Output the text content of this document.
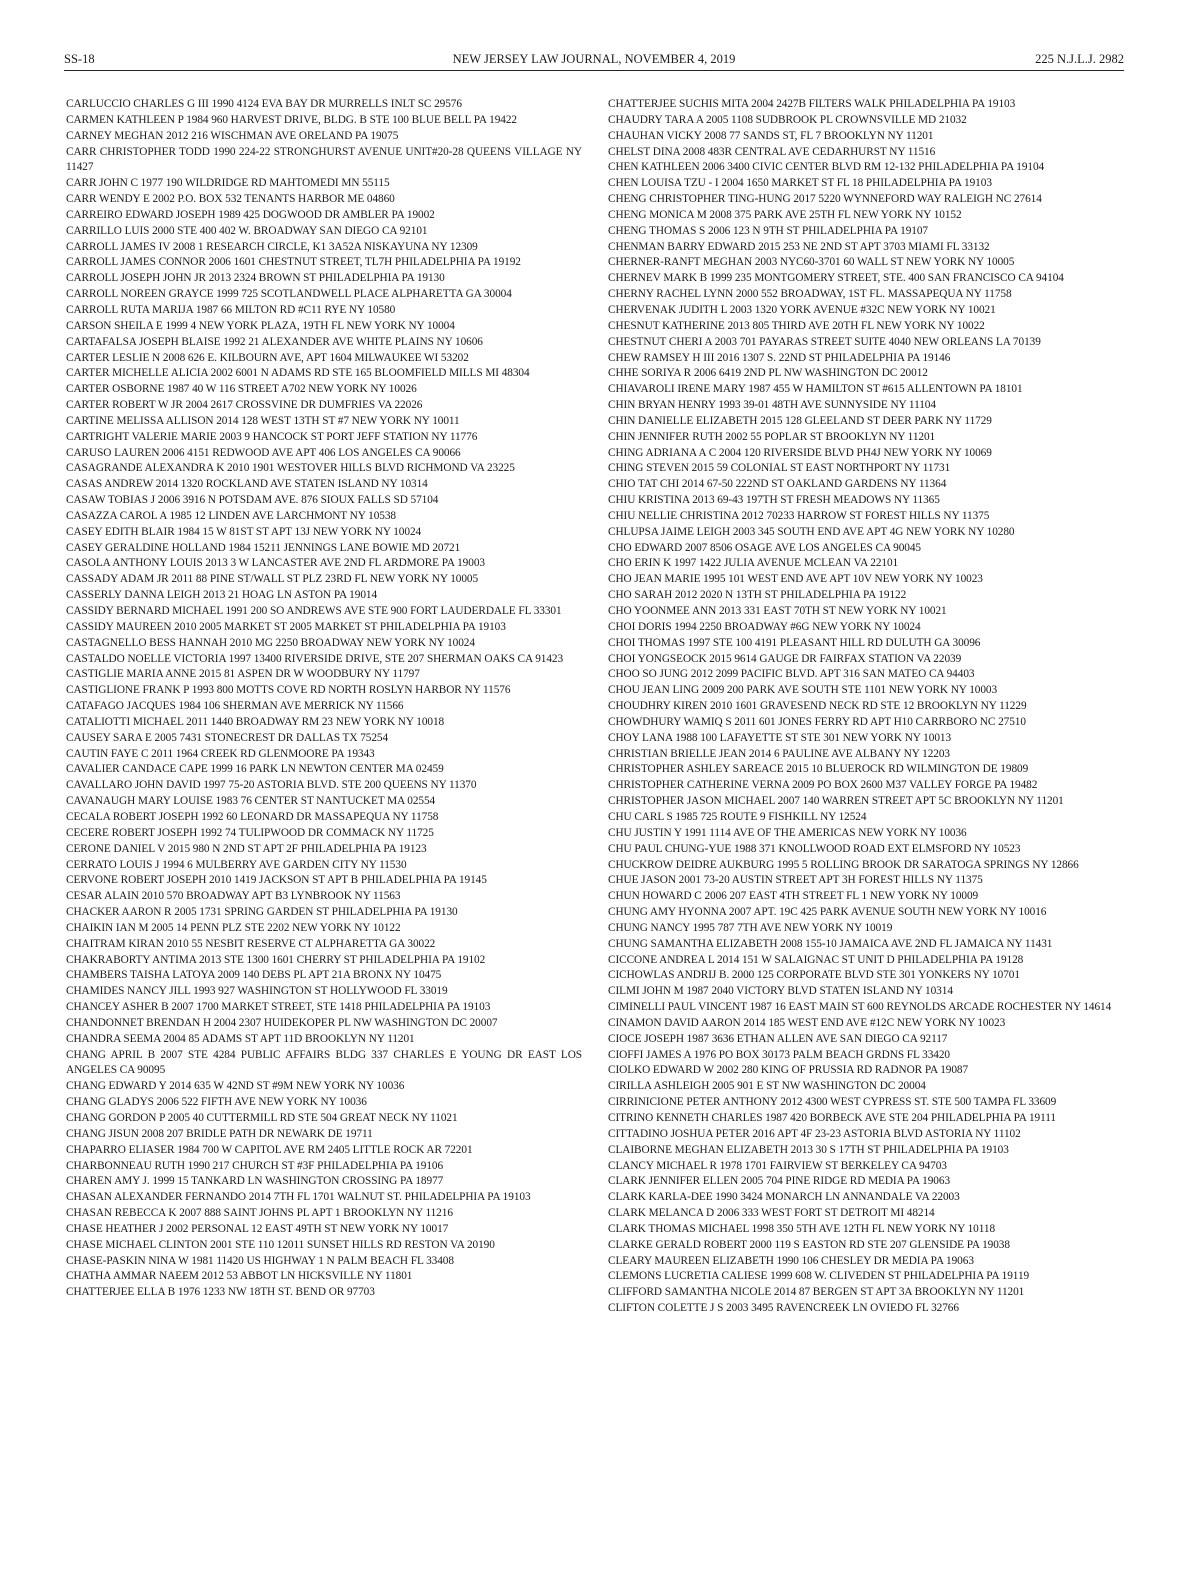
SS-18	NEW JERSEY LAW JOURNAL, NOVEMBER 4, 2019	225 N.J.L.J. 2982

CARLUCCIO CHARLES G III 1990 4124 EVA BAY DR MURRELLS INLT SC 29576

CARMEN KATHLEEN P 1984 960 HARVEST DRIVE, BLDG. B STE 100 BLUE BELL PA 19422

CARNEY MEGHAN 2012 216 WISCHMAN AVE ORELAND PA 19075

CARR CHRISTOPHER TODD 1990 224-22 STRONGHURST AVENUE UNIT#20-28 QUEENS VILLAGE NY 11427

CARR JOHN C 1977 190 WILDRIDGE RD MAHTOMEDI MN 55115

CARR WENDY E 2002 P.O. BOX 532 TENANTS HARBOR ME 04860

CARREIRO EDWARD JOSEPH 1989 425 DOGWOOD DR AMBLER PA 19002

CARRILLO LUIS 2000 STE 400 402 W. BROADWAY SAN DIEGO CA 92101

CARROLL JAMES IV 2008 1 RESEARCH CIRCLE, K1 3A52A NISKAYUNA NY 12309

CARROLL JAMES CONNOR 2006 1601 CHESTNUT STREET, TL7H PHILADELPHIA PA 19192

CARROLL JOSEPH JOHN JR 2013 2324 BROWN ST PHILADELPHIA PA 19130

CARROLL NOREEN GRAYCE 1999 725 SCOTLANDWELL PLACE ALPHARETTA GA 30004

CARROLL RUTA MARIJA 1987 66 MILTON RD #C11 RYE NY 10580

CARSON SHEILA E 1999 4 NEW YORK PLAZA, 19TH FL NEW YORK NY 10004

CARTAFALSA JOSEPH BLAISE 1992 21 ALEXANDER AVE WHITE PLAINS NY 10606

CARTER LESLIE N 2008 626 E. KILBOURN AVE, APT 1604 MILWAUKEE WI 53202

CARTER MICHELLE ALICIA 2002 6001 N ADAMS RD STE 165 BLOOMFIELD MILLS MI 48304

CARTER OSBORNE 1987 40 W 116 STREET A702 NEW YORK NY 10026

CARTER ROBERT W JR 2004 2617 CROSSVINE DR DUMFRIES VA 22026

CARTINE MELISSA ALLISON 2014 128 WEST 13TH ST #7 NEW YORK NY 10011

CARTRIGHT VALERIE MARIE 2003 9 HANCOCK ST PORT JEFF STATION NY 11776

CARUSO LAUREN 2006 4151 REDWOOD AVE APT 406 LOS ANGELES CA 90066

CASAGRANDE ALEXANDRA K 2010 1901 WESTOVER HILLS BLVD RICHMOND VA 23225

CASAS ANDREW 2014 1320 ROCKLAND AVE STATEN ISLAND NY 10314

CASAW TOBIAS J 2006 3916 N POTSDAM AVE. 876 SIOUX FALLS SD 57104

CASAZZA CAROL A 1985 12 LINDEN AVE LARCHMONT NY 10538

CASEY EDITH BLAIR 1984 15 W 81ST ST APT 13J NEW YORK NY 10024

CASEY GERALDINE HOLLAND 1984 15211 JENNINGS LANE BOWIE MD 20721

CASOLA ANTHONY LOUIS 2013 3 W LANCASTER AVE 2ND FL ARDMORE PA 19003

CASSADY ADAM JR 2011 88 PINE ST/WALL ST PLZ 23RD FL NEW YORK NY 10005

CASSERLY DANNA LEIGH 2013 21 HOAG LN ASTON PA 19014

CASSIDY BERNARD MICHAEL 1991 200 SO ANDREWS AVE STE 900 FORT LAUDERDALE FL 33301

CASSIDY MAUREEN 2010 2005 MARKET ST 2005 MARKET ST PHILADELPHIA PA 19103

CASTAGNELLO BESS HANNAH 2010 MG 2250 BROADWAY NEW YORK NY 10024

CASTALDO NOELLE VICTORIA 1997 13400 RIVERSIDE DRIVE, STE 207 SHERMAN OAKS CA 91423

CASTIGLIE MARIA ANNE 2015 81 ASPEN DR W WOODBURY NY 11797

CASTIGLIONE FRANK P 1993 800 MOTTS COVE RD NORTH ROSLYN HARBOR NY 11576

CATAFAGO JACQUES 1984 106 SHERMAN AVE MERRICK NY 11566

CATALIOTTI MICHAEL 2011 1440 BROADWAY RM 23 NEW YORK NY 10018

CAUSEY SARA E 2005 7431 STONECREST DR DALLAS TX 75254

CAUTIN FAYE C 2011 1964 CREEK RD GLENMOORE PA 19343

CAVALIER CANDACE CAPE 1999 16 PARK LN NEWTON CENTER MA 02459

CAVALLARO JOHN DAVID 1997 75-20 ASTORIA BLVD. STE 200 QUEENS NY 11370

CAVANAUGH MARY LOUISE 1983 76 CENTER ST NANTUCKET MA 02554

CECALA ROBERT JOSEPH 1992 60 LEONARD DR MASSAPEQUA NY 11758

CECERE ROBERT JOSEPH 1992 74 TULIPWOOD DR COMMACK NY 11725

CERONE DANIEL V 2015 980 N 2ND ST APT 2F PHILADELPHIA PA 19123

CERRATO LOUIS J 1994 6 MULBERRY AVE GARDEN CITY NY 11530

CERVONE ROBERT JOSEPH 2010 1419 JACKSON ST APT B PHILADELPHIA PA 19145

CESAR ALAIN 2010 570 BROADWAY APT B3 LYNBROOK NY 11563

CHACKER AARON R 2005 1731 SPRING GARDEN ST PHILADELPHIA PA 19130

CHAIKIN IAN M 2005 14 PENN PLZ STE 2202 NEW YORK NY 10122

CHAITRAM KIRAN 2010 55 NESBIT RESERVE CT ALPHARETTA GA 30022

CHAKRABORTY ANTIMA 2013 STE 1300 1601 CHERRY ST PHILADELPHIA PA 19102

CHAMBERS TAISHA LATOYA 2009 140 DEBS PL APT 21A BRONX NY 10475

CHAMIDES NANCY JILL 1993 927 WASHINGTON ST HOLLYWOOD FL 33019

CHANCEY ASHER B 2007 1700 MARKET STREET, STE 1418 PHILADELPHIA PA 19103

CHANDONNET BRENDAN H 2004 2307 HUIDEKOPER PL NW WASHINGTON DC 20007

CHANDRA SEEMA 2004 85 ADAMS ST APT 11D BROOKLYN NY 11201

CHANG APRIL B 2007 STE 4284 PUBLIC AFFAIRS BLDG 337 CHARLES E YOUNG DR EAST LOS ANGELES CA 90095

CHANG EDWARD Y 2014 635 W 42ND ST #9M NEW YORK NY 10036

CHANG GLADYS 2006 522 FIFTH AVE NEW YORK NY 10036

CHANG GORDON P 2005 40 CUTTERMILL RD STE 504 GREAT NECK NY 11021

CHANG JISUN 2008 207 BRIDLE PATH DR NEWARK DE 19711

CHAPARRO ELIASER 1984 700 W CAPITOL AVE RM 2405 LITTLE ROCK AR 72201

CHARBONNEAU RUTH 1990 217 CHURCH ST #3F PHILADELPHIA PA 19106

CHAREN AMY J. 1999 15 TANKARD LN WASHINGTON CROSSING PA 18977

CHASAN ALEXANDER FERNANDO 2014 7TH FL 1701 WALNUT ST. PHILADELPHIA PA 19103

CHASAN REBECCA K 2007 888 SAINT JOHNS PL APT 1 BROOKLYN NY 11216

CHASE HEATHER J 2002 PERSONAL 12 EAST 49TH ST NEW YORK NY 10017

CHASE MICHAEL CLINTON 2001 STE 110 12011 SUNSET HILLS RD RESTON VA 20190

CHASE-PASKIN NINA W 1981 11420 US HIGHWAY 1 N PALM BEACH FL 33408

CHATHA AMMAR NAEEM 2012 53 ABBOT LN HICKSVILLE NY 11801

CHATTERJEE ELLA B 1976 1233 NW 18TH ST. BEND OR 97703

CHATTERJEE SUCHIS MITA 2004 2427B FILTERS WALK PHILADELPHIA PA 19103

CHAUDRY TARA A 2005 1108 SUDBROOK PL CROWNSVILLE MD 21032

CHAUHAN VICKY 2008 77 SANDS ST, FL 7 BROOKLYN NY 11201

CHELST DINA 2008 483R CENTRAL AVE CEDARHURST NY 11516

CHEN KATHLEEN 2006 3400 CIVIC CENTER BLVD RM 12-132 PHILADELPHIA PA 19104

CHEN LOUISA TZU - I 2004 1650 MARKET ST FL 18 PHILADELPHIA PA 19103

CHENG CHRISTOPHER TING-HUNG 2017 5220 WYNNEFORD WAY RALEIGH NC 27614

CHENG MONICA M 2008 375 PARK AVE 25TH FL NEW YORK NY 10152

CHENG THOMAS S 2006 123 N 9TH ST PHILADELPHIA PA 19107

CHENMAN BARRY EDWARD 2015 253 NE 2ND ST APT 3703 MIAMI FL 33132

CHERNER-RANFT MEGHAN 2003 NYC60-3701 60 WALL ST NEW YORK NY 10005

CHERNEV MARK B 1999 235 MONTGOMERY STREET, STE. 400 SAN FRANCISCO CA 94104

CHERNY RACHEL LYNN 2000 552 BROADWAY, 1ST FL. MASSAPEQUA NY 11758

CHERVENAK JUDITH L 2003 1320 YORK AVENUE #32C NEW YORK NY 10021

CHESNUT KATHERINE 2013 805 THIRD AVE 20TH FL NEW YORK NY 10022

CHESTNUT CHERI A 2003 701 PAYARAS STREET SUITE 4040 NEW ORLEANS LA 70139

CHEW RAMSEY H III 2016 1307 S. 22ND ST PHILADELPHIA PA 19146

CHHE SORIYA R 2006 6419 2ND PL NW WASHINGTON DC 20012

CHIAVAROLI IRENE MARY 1987 455 W HAMILTON ST #615 ALLENTOWN PA 18101

CHIN BRYAN HENRY 1993 39-01 48TH AVE SUNNYSIDE NY 11104

CHIN DANIELLE ELIZABETH 2015 128 GLEELAND ST DEER PARK NY 11729

CHIN JENNIFER RUTH 2002 55 POPLAR ST BROOKLYN NY 11201

CHING ADRIANA A C 2004 120 RIVERSIDE BLVD PH4J NEW YORK NY 10069

CHING STEVEN 2015 59 COLONIAL ST EAST NORTHPORT NY 11731

CHIO TAT CHI 2014 67-50 222ND ST OAKLAND GARDENS NY 11364

CHIU KRISTINA 2013 69-43 197TH ST FRESH MEADOWS NY 11365

CHIU NELLIE CHRISTINA 2012 70233 HARROW ST FOREST HILLS NY 11375

CHLUPSA JAIME LEIGH 2003 345 SOUTH END AVE APT 4G NEW YORK NY 10280

CHO EDWARD 2007 8506 OSAGE AVE LOS ANGELES CA 90045

CHO ERIN K 1997 1422 JULIA AVENUE MCLEAN VA 22101

CHO JEAN MARIE 1995 101 WEST END AVE APT 10V NEW YORK NY 10023

CHO SARAH 2012 2020 N 13TH ST PHILADELPHIA PA 19122

CHO YOONMEE ANN 2013 331 EAST 70TH ST NEW YORK NY 10021

CHOI DORIS 1994 2250 BROADWAY #6G NEW YORK NY 10024

CHOI THOMAS 1997 STE 100 4191 PLEASANT HILL RD DULUTH GA 30096

CHOI YONGSEOCK 2015 9614 GAUGE DR FAIRFAX STATION VA 22039

CHOO SO JUNG 2012 2099 PACIFIC BLVD. APT 316 SAN MATEO CA 94403

CHOU JEAN LING 2009 200 PARK AVE SOUTH STE 1101 NEW YORK NY 10003

CHOUDHRY KIREN 2010 1601 GRAVESEND NECK RD STE 12 BROOKLYN NY 11229

CHOWDHURY WAMIQ S 2011 601 JONES FERRY RD APT H10 CARRBORO NC 27510

CHOY LANA 1988 100 LAFAYETTE ST STE 301 NEW YORK NY 10013

CHRISTIAN BRIELLE JEAN 2014 6 PAULINE AVE ALBANY NY 12203

CHRISTOPHER ASHLEY SAREACE 2015 10 BLUEROCK RD WILMINGTON DE 19809

CHRISTOPHER CATHERINE VERNA 2009 PO BOX 2600 M37 VALLEY FORGE PA 19482

CHRISTOPHER JASON MICHAEL 2007 140 WARREN STREET APT 5C BROOKLYN NY 11201

CHU CARL S 1985 725 ROUTE 9 FISHKILL NY 12524

CHU JUSTIN Y 1991 1114 AVE OF THE AMERICAS NEW YORK NY 10036

CHU PAUL CHUNG-YUE 1988 371 KNOLLWOOD ROAD EXT ELMSFORD NY 10523

CHUCKROW DEIDRE AUKBURG 1995 5 ROLLING BROOK DR SARATOGA SPRINGS NY 12866

CHUE JASON 2001 73-20 AUSTIN STREET APT 3H FOREST HILLS NY 11375

CHUN HOWARD C 2006 207 EAST 4TH STREET FL 1 NEW YORK NY 10009

CHUNG AMY HYONNA 2007 APT. 19C 425 PARK AVENUE SOUTH NEW YORK NY 10016

CHUNG NANCY 1995 787 7TH AVE NEW YORK NY 10019

CHUNG SAMANTHA ELIZABETH 2008 155-10 JAMAICA AVE 2ND FL JAMAICA NY 11431

CICCONE ANDREA L 2014 151 W SALAIGNAC ST UNIT D PHILADELPHIA PA 19128

CICHOWLAS ANDRIJ B. 2000 125 CORPORATE BLVD STE 301 YONKERS NY 10701

CILMI JOHN M 1987 2040 VICTORY BLVD STATEN ISLAND NY 10314

CIMINELLI PAUL VINCENT 1987 16 EAST MAIN ST 600 REYNOLDS ARCADE ROCHESTER NY 14614

CINAMON DAVID AARON 2014 185 WEST END AVE #12C NEW YORK NY 10023

CIOCE JOSEPH 1987 3636 ETHAN ALLEN AVE SAN DIEGO CA 92117

CIOFFI JAMES A 1976 PO BOX 30173 PALM BEACH GRDNS FL 33420

CIOLKO EDWARD W 2002 280 KING OF PRUSSIA RD RADNOR PA 19087

CIRILLA ASHLEIGH 2005 901 E ST NW WASHINGTON DC 20004

CIRRINICIONE PETER ANTHONY 2012 4300 WEST CYPRESS ST. STE 500 TAMPA FL 33609

CITRINO KENNETH CHARLES 1987 420 BORBECK AVE STE 204 PHILADELPHIA PA 19111

CITTADINO JOSHUA PETER 2016 APT 4F 23-23 ASTORIA BLVD ASTORIA NY 11102

CLAIBORNE MEGHAN ELIZABETH 2013 30 S 17TH ST PHILADELPHIA PA 19103

CLANCY MICHAEL R 1978 1701 FAIRVIEW ST BERKELEY CA 94703

CLARK JENNIFER ELLEN 2005 704 PINE RIDGE RD MEDIA PA 19063

CLARK KARLA-DEE 1990 3424 MONARCH LN ANNANDALE VA 22003

CLARK MELANCA D 2006 333 WEST FORT ST DETROIT MI 48214

CLARK THOMAS MICHAEL 1998 350 5TH AVE 12TH FL NEW YORK NY 10118

CLARKE GERALD ROBERT 2000 119 S EASTON RD STE 207 GLENSIDE PA 19038

CLEARY MAUREEN ELIZABETH 1990 106 CHESLEY DR MEDIA PA 19063

CLEMONS LUCRETIA CALIESE 1999 608 W. CLIVEDEN ST PHILADELPHIA PA 19119

CLIFFORD SAMANTHA NICOLE 2014 87 BERGEN ST APT 3A BROOKLYN NY 11201

CLIFTON COLETTE J S 2003 3495 RAVENCREEK LN OVIEDO FL 32766
